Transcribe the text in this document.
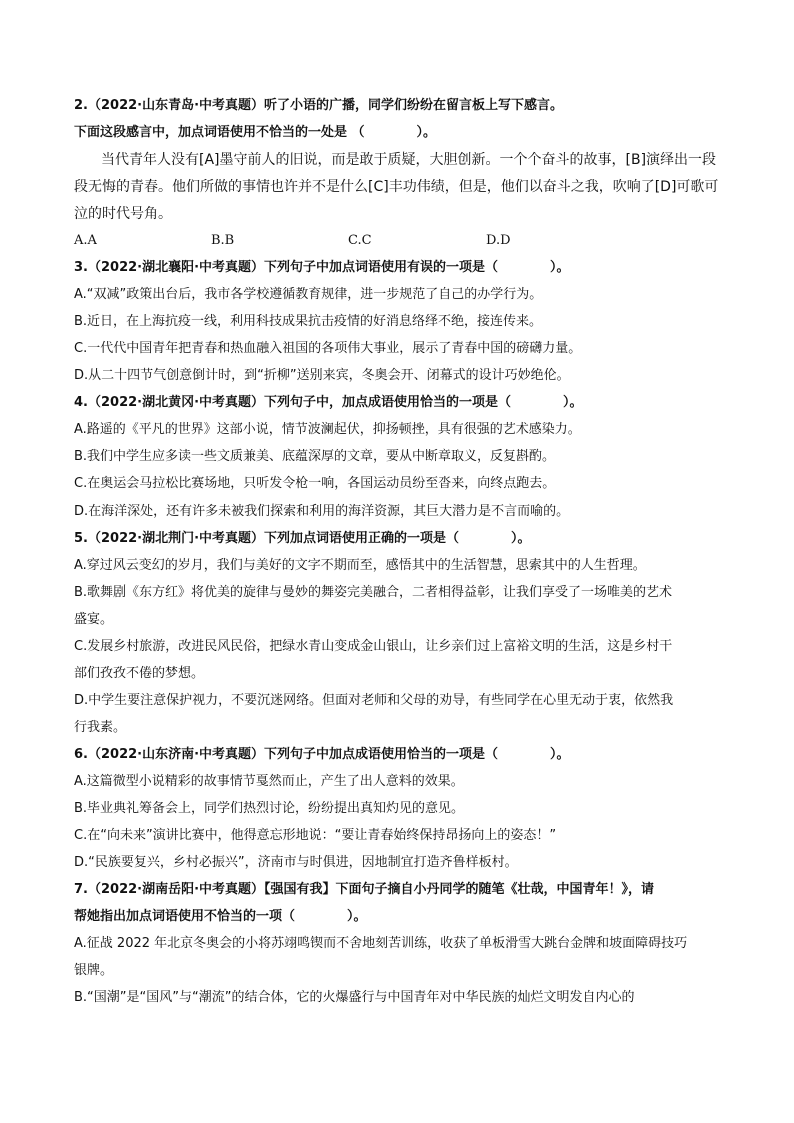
2.（2022·山东青岛·中考真题）听了小语的广播，同学们纷纷在留言板上写下感言。
下面这段感言中，加点词语使用不恰当的一处是 （　　　　）。
当代青年人没有[A]墨守前人的旧说，而是敢于质疑，大胆创新。一个个奋斗的故事，[B]演绎出一段
段无悔的青春。他们所做的事情也许并不是什么[C]丰功伟绩，但是，他们以奋斗之我，吹响了[D]可歌可
泣的时代号角。
A.A	B.B	C.C	D.D
3.（2022·湖北襄阳·中考真题）下列句子中加点词语使用有误的一项是（　　　　）。
A.“双减”政策出台后，我市各学校遵循教育规律，进一步规范了自己的办学行为。
B.近日，在上海抗疫一线，利用科技成果抗击疫情的好消息络绎不绝，接连传来。
C.一代代中国青年把青春和热血融入祖国的各项伟大事业，展示了青春中国的磅礴力量。
D.从二十四节气创意倒计时，到“折柳”送别来宾，冬奥会开、闭幕式的设计巧妙绝伦。
4.（2022·湖北黄冈·中考真题）下列句子中，加点成语使用恰当的一项是（　　　　）。
A.路遥的《平凡的世界》这部小说，情节波澜起伏，抑扬顿挫，具有很强的艺术感染力。
B.我们中学生应多读一些文质兼美、底蕴深厚的文章，要从中断章取义，反复斟酌。
C.在奥运会马拉松比赛场地，只听发令枪一响，各国运动员纷至沓来，向终点跑去。
D.在海洋深处，还有许多未被我们探索和利用的海洋资源，其巨大潜力是不言而喻的。
5.（2022·湖北荆门·中考真题）下列加点词语使用正确的一项是（　　　　）。
A.穿过风云变幻的岁月，我们与美好的文字不期而至，感悟其中的生活智慧，思索其中的人生哲理。
B.歌舞剧《东方红》将优美的旋律与曼妙的舞姿完美融合，二者相得益彰，让我们享受了一场唯美的艺术
盛宴。
C.发展乡村旅游，改进民风民俗，把绿水青山变成金山银山，让乡亲们过上富裕文明的生活，这是乡村干
部们孜孜不倦的梦想。
D.中学生要注意保护视力，不要沉迷网络。但面对老师和父母的劝导，有些同学在心里无动于衷，依然我
行我素。
6.（2022·山东济南·中考真题）下列句子中加点成语使用恰当的一项是（　　　　）。
A.这篇微型小说精彩的故事情节戛然而止，产生了出人意料的效果。
B.毕业典礼筹备会上，同学们热烈讨论，纷纷提出真知灼见的意见。
C.在“向未来”演讲比赛中，他得意忘形地说：“要让青春始终保持昂扬向上的姿态！”
D.“民族要复兴，乡村必振兴”，济南市与时俱进，因地制宜打造齐鲁样板村。
7.（2022·湖南岳阳·中考真题）【强国有我】下面句子摘自小丹同学的随笔《壮哉，中国青年！》，请
帮她指出加点词语使用不恰当的一项（　　　　）。
A.征战 2022 年北京冬奥会的小将苏翊鸣锲而不舍地刻苦训练，收获了单板滑雪大跳台金牌和坡面障碍技巧
银牌。
B.“国潮”是“国风”与“潮流”的结合体，它的火爆盛行与中国青年对中华民族的灿烂文明发自内心的
